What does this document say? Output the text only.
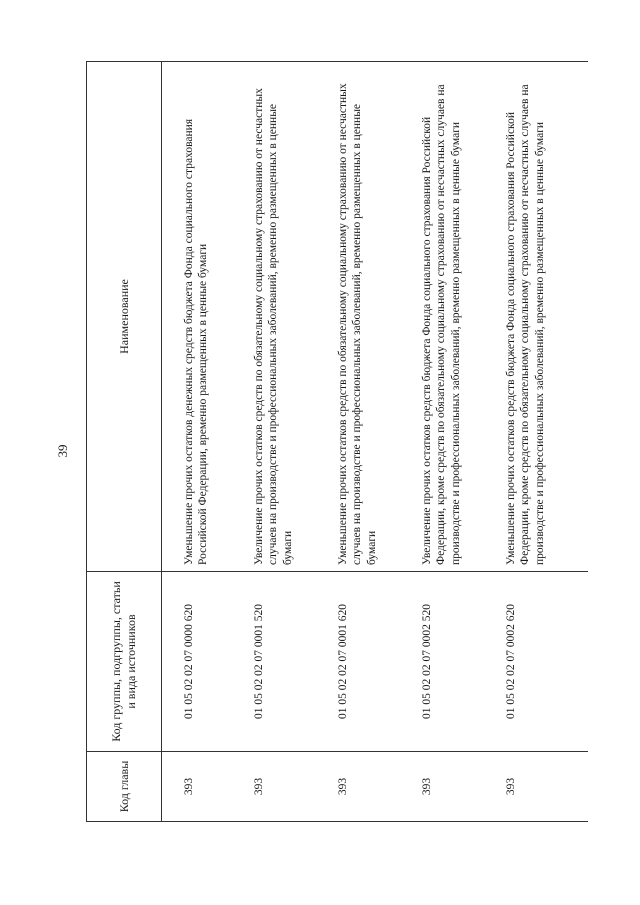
39
Код главы	Код группы, подгруппы, статьи и вида источников	Наименование
393	01 05 02 02 07 0000 620	Уменьшение прочих остатков денежных средств бюджета Фонда социального страхования Российской Федерации, временно размещенных в ценные бумаги
393	01 05 02 02 07 0001 520	Увеличение прочих остатков средств по обязательному социальному страхованию от несчастных случаев на производстве и профессиональных заболеваний, временно размещенных в ценные бумаги
393	01 05 02 02 07 0001 620	Уменьшение прочих остатков средств по обязательному социальному страхованию от несчастных случаев на производстве и профессиональных заболеваний, временно размещенных в ценные бумаги
393	01 05 02 02 07 0002 520	Увеличение прочих остатков средств бюджета Фонда социального страхования Российской Федерации, кроме средств по обязательному социальному страхованию от несчастных случаев на производстве и профессиональных заболеваний, временно размещенных в ценные бумаги
393	01 05 02 02 07 0002 620	Уменьшение прочих остатков средств бюджета Фонда социального страхования Российской Федерации, кроме средств по обязательному социальному страхованию от несчастных случаев на производстве и профессиональных заболеваний, временно размещенных в ценные бумаги
